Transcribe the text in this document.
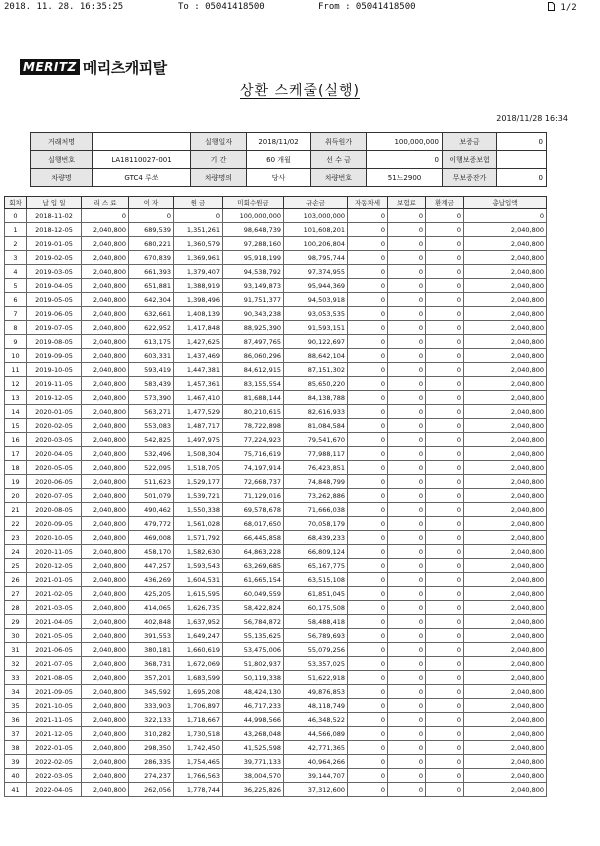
2018. 11. 28. 16:35:25	To : 05041418500	From : 05041418500	1/2
MERITZ 메리츠캐피탈
상환 스케줄(실행)
2018/11/28 16:34
거래처명		실행일자	2018/11/02	취득원가	100,000,000	보증금	0
실행번호	LA18110027-001	기 간	60 개월	선 수 금	0	이행보증보험	
차량명	GTC4 루쏘	차량명의	당사	차량번호	51느2900	무보증잔가	0
회차	납 입 일	리 스 료	이 자	원 금	미회수원금	규손금	자동차세	보험료	환계금	총납입액
0	2018-11-02	0	0	0	100,000,000	103,000,000	0	0	0	0
1	2018-12-05	2,040,800	689,539	1,351,261	98,648,739	101,608,201	0	0	0	2,040,800
2	2019-01-05	2,040,800	680,221	1,360,579	97,288,160	100,206,804	0	0	0	2,040,800
3	2019-02-05	2,040,800	670,839	1,369,961	95,918,199	98,795,744	0	0	0	2,040,800
4	2019-03-05	2,040,800	661,393	1,379,407	94,538,792	97,374,955	0	0	0	2,040,800
5	2019-04-05	2,040,800	651,881	1,388,919	93,149,873	95,944,369	0	0	0	2,040,800
6	2019-05-05	2,040,800	642,304	1,398,496	91,751,377	94,503,918	0	0	0	2,040,800
7	2019-06-05	2,040,800	632,661	1,408,139	90,343,238	93,053,535	0	0	0	2,040,800
8	2019-07-05	2,040,800	622,952	1,417,848	88,925,390	91,593,151	0	0	0	2,040,800
9	2019-08-05	2,040,800	613,175	1,427,625	87,497,765	90,122,697	0	0	0	2,040,800
10	2019-09-05	2,040,800	603,331	1,437,469	86,060,296	88,642,104	0	0	0	2,040,800
11	2019-10-05	2,040,800	593,419	1,447,381	84,612,915	87,151,302	0	0	0	2,040,800
12	2019-11-05	2,040,800	583,439	1,457,361	83,155,554	85,650,220	0	0	0	2,040,800
13	2019-12-05	2,040,800	573,390	1,467,410	81,688,144	84,138,788	0	0	0	2,040,800
14	2020-01-05	2,040,800	563,271	1,477,529	80,210,615	82,616,933	0	0	0	2,040,800
15	2020-02-05	2,040,800	553,083	1,487,717	78,722,898	81,084,584	0	0	0	2,040,800
16	2020-03-05	2,040,800	542,825	1,497,975	77,224,923	79,541,670	0	0	0	2,040,800
17	2020-04-05	2,040,800	532,496	1,508,304	75,716,619	77,988,117	0	0	0	2,040,800
18	2020-05-05	2,040,800	522,095	1,518,705	74,197,914	76,423,851	0	0	0	2,040,800
19	2020-06-05	2,040,800	511,623	1,529,177	72,668,737	74,848,799	0	0	0	2,040,800
20	2020-07-05	2,040,800	501,079	1,539,721	71,129,016	73,262,886	0	0	0	2,040,800
21	2020-08-05	2,040,800	490,462	1,550,338	69,578,678	71,666,038	0	0	0	2,040,800
22	2020-09-05	2,040,800	479,772	1,561,028	68,017,650	70,058,179	0	0	0	2,040,800
23	2020-10-05	2,040,800	469,008	1,571,792	66,445,858	68,439,233	0	0	0	2,040,800
24	2020-11-05	2,040,800	458,170	1,582,630	64,863,228	66,809,124	0	0	0	2,040,800
25	2020-12-05	2,040,800	447,257	1,593,543	63,269,685	65,167,775	0	0	0	2,040,800
26	2021-01-05	2,040,800	436,269	1,604,531	61,665,154	63,515,108	0	0	0	2,040,800
27	2021-02-05	2,040,800	425,205	1,615,595	60,049,559	61,851,045	0	0	0	2,040,800
28	2021-03-05	2,040,800	414,065	1,626,735	58,422,824	60,175,508	0	0	0	2,040,800
29	2021-04-05	2,040,800	402,848	1,637,952	56,784,872	58,488,418	0	0	0	2,040,800
30	2021-05-05	2,040,800	391,553	1,649,247	55,135,625	56,789,693	0	0	0	2,040,800
31	2021-06-05	2,040,800	380,181	1,660,619	53,475,006	55,079,256	0	0	0	2,040,800
32	2021-07-05	2,040,800	368,731	1,672,069	51,802,937	53,357,025	0	0	0	2,040,800
33	2021-08-05	2,040,800	357,201	1,683,599	50,119,338	51,622,918	0	0	0	2,040,800
34	2021-09-05	2,040,800	345,592	1,695,208	48,424,130	49,876,853	0	0	0	2,040,800
35	2021-10-05	2,040,800	333,903	1,706,897	46,717,233	48,118,749	0	0	0	2,040,800
36	2021-11-05	2,040,800	322,133	1,718,667	44,998,566	46,348,522	0	0	0	2,040,800
37	2021-12-05	2,040,800	310,282	1,730,518	43,268,048	44,566,089	0	0	0	2,040,800
38	2022-01-05	2,040,800	298,350	1,742,450	41,525,598	42,771,365	0	0	0	2,040,800
39	2022-02-05	2,040,800	286,335	1,754,465	39,771,133	40,964,266	0	0	0	2,040,800
40	2022-03-05	2,040,800	274,237	1,766,563	38,004,570	39,144,707	0	0	0	2,040,800
41	2022-04-05	2,040,800	262,056	1,778,744	36,225,826	37,312,600	0	0	0	2,040,800
